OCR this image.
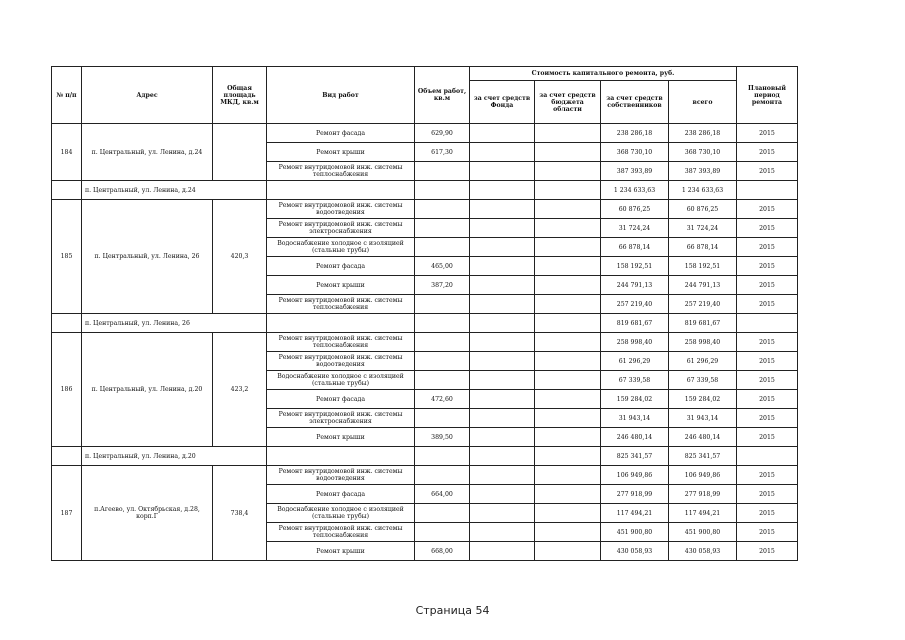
№ п/п	Адрес	Общая площадь МКД, кв.м	Вид работ	Объем работ, кв.м	Стоимость капитального ремонта, руб.				Плановый период ремонта
					за счет средств Фонда	за счет средств бюджета области	за счет средств собственников	всего	
184	п. Центральный, ул. Ленина, д.24		Ремонт фасада	629,90			238 286,18	238 286,18	2015
			Ремонт крыши	617,30			368 730,10	368 730,10	2015
			Ремонт внутридомовой инж. системы теплоснабжения				387 393,89	387 393,89	2015
	п. Центральный, ул. Ленина, д.24						1 234 633,63	1 234 633,63	
185	п. Центральный, ул. Ленина, 26	420,3	Ремонт внутридомовой инж. системы водоотведения				60 876,25	60 876,25	2015
			Ремонт внутридомовой инж. системы электроснабжения				31 724,24	31 724,24	2015
			Водоснабжение холодное с изоляцией (стальные трубы)				66 878,14	66 878,14	2015
			Ремонт фасада	465,00			158 192,51	158 192,51	2015
			Ремонт крыши	387,20			244 791,13	244 791,13	2015
			Ремонт внутридомовой инж. системы теплоснабжения				257 219,40	257 219,40	2015
	п. Центральный, ул. Ленина, 26						819 681,67	819 681,67	
186	п. Центральный, ул. Ленина, д.20	423,2	Ремонт внутридомовой инж. системы теплоснабжения				258 998,40	258 998,40	2015
			Ремонт внутридомовой инж. системы водоотведения				61 296,29	61 296,29	2015
			Водоснабжение холодное с изоляцией (стальные трубы)				67 339,58	67 339,58	2015
			Ремонт фасада	472,60			159 284,02	159 284,02	2015
			Ремонт внутридомовой инж. системы электроснабжения				31 943,14	31 943,14	2015
			Ремонт крыши	389,50			246 480,14	246 480,14	2015
	п. Центральный, ул. Ленина, д.20						825 341,57	825 341,57	
187	п.Агеево, ул. Октябрьская, д.28, корп.Г	738,4	Ремонт внутридомовой инж. системы водоотведения				106 949,86	106 949,86	2015
			Ремонт фасада	664,00			277 918,99	277 918,99	2015
			Водоснабжение холодное с изоляцией (стальные трубы)				117 494,21	117 494,21	2015
			Ремонт внутридомовой инж. системы теплоснабжения				451 900,80	451 900,80	2015
			Ремонт крыши	668,00			430 058,93	430 058,93	2015
Страница 54
